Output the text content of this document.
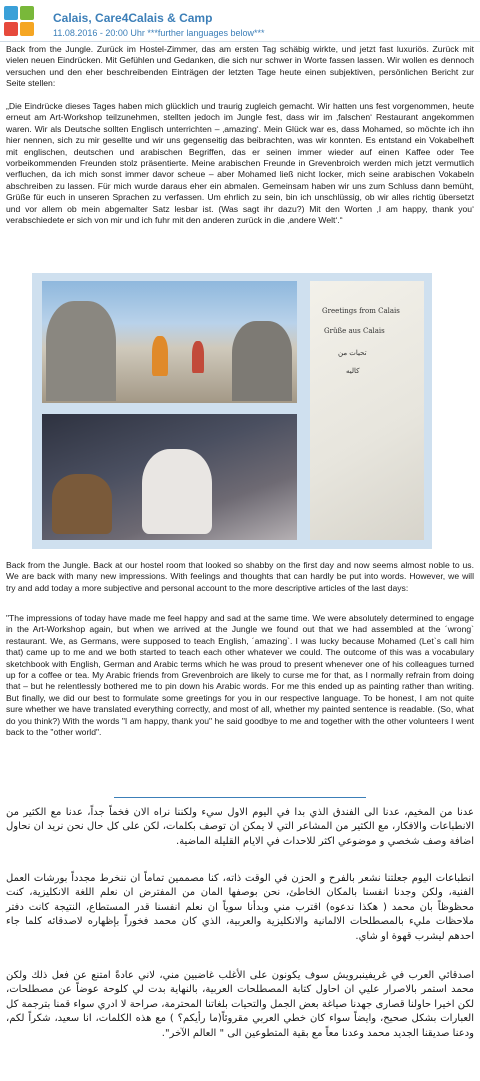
Calais, Care4Calais & Camp
11.08.2016 - 20:00 Uhr ***further languages below***

Back from the Jungle. Zurück im Hostel-Zimmer, das am ersten Tag schäbig wirkte, und jetzt fast luxuriös. Zurück mit vielen neuen Eindrücken. Mit Gefühlen und Gedanken, die sich nur schwer in Worte fassen lassen. Wir wollen es dennoch versuchen und den eher beschreibenden Einträgen der letzten Tage heute einen subjektiven, persönlichen Bericht zur Seite stellen:

„Die Eindrücke dieses Tages haben mich glücklich und traurig zugleich gemacht. Wir hatten uns fest vorgenommen, heute erneut am Art-Workshop teilzunehmen, stellten jedoch im Jungle fest, dass wir im ‚falschen‘ Restaurant angekommen waren. Wir als Deutsche sollten Englisch unterrichten – ‚amazing‘. Mein Glück war es, dass Mohamed, so möchte ich ihn hier nennen, sich zu mir gesellte und wir uns gegenseitig das beibrachten, was wir konnten. Es entstand ein Vokabelheft mit englischen, deutschen und arabischen Begriffen, das er seinen immer wieder auf einen Kaffee oder Tee vorbeikommenden Freunden stolz präsentierte. Meine arabischen Freunde in Grevenbroich werden mich jetzt vermutlich verfluchen, da ich mich sonst immer davor scheue – aber Mohamed ließ nicht locker, mich seine arabischen Vokabeln abschreiben zu lassen. Für mich wurde daraus eher ein abmalen. Gemeinsam haben wir uns zum Schluss dann bemüht, Grüße für euch in unseren Sprachen zu verfassen. Um ehrlich zu sein, bin ich unschlüssig, ob wir alles richtig übersetzt und vor allem ob mein abgemalter Satz lesbar ist. (Was sagt ihr dazu?) Mit den Worten ‚I am happy, thank you‘ verabschiedete er sich von mir und ich fuhr mit den anderen zurück in die ‚andere Welt‘.“

Greetings from Calais
Grüße aus Calais
تحيات من
كاليه

Back from the Jungle. Back at our hostel room that looked so shabby on the first day and now seems almost noble to us. We are back with many new impressions. With feelings and thoughts that can hardly be put into words. However, we will try and add today a more subjective and personal account to the more descriptive articles of the last days:

"The impressions of today have made me feel happy and sad at the same time. We were absolutely determined to engage in the Art-Workshop again, but when we arrived at the Jungle we found out that we had assembled at the ´wrong` restaurant. We, as Germans, were supposed to teach English, ´amazing`. I was lucky because Mohamed (Let`s call him that) came up to me and we both started to teach each other whatever we could. The outcome of this was a vocabulary sketchbook with English, German and Arabic terms which he was proud to present whenever one of his colleagues turned up for a coffee or tea. My Arabic friends from Grevenbroich are likely to curse me for that, as I normally refrain from doing that – but he relentlessly bothered me to pin down his Arabic words. For me this ended up as painting rather than writing. But finally, we did our best to formulate some greetings for you in our respective language. To be honest, I am not quite sure whether we have translated everything correctly, and most of all, whether my painted sentence is readable. (So, what do you think?) With the words "I am happy, thank you" he said goodbye to me and together with the other volunteers I went back to the "other world".

عدنا من المخيم، عدنا الى الفندق الذي بدا في اليوم الاول سيء ولكننا نراه الان فخماً جداً، عدنا مع الكثير من الانطباعات والافكار، مع الكثير من المشاعر التي لا يمكن ان توصف بكلمات، لكن على كل حال نحن نريد ان نحاول اضافة وصف شخصي و موضوعي اكثر للاحداث في الايام القليلة الماضية.

انطباعات اليوم جعلتنا نشعر بالفرح و الحزن في الوقت ذاته، كنا مصممين تماماً ان ننخرط مجدداً بورشات العمل الفنية، ولكن وجدنا انفسنا بالمكان الخاطئ، نحن بوصفها المان من المفترض ان نعلم اللغة الانكليزية، كنت محظوظاً بان محمد ( هكذا ندعوه) اقترب مني وبدأنا سوياً ان نعلم انفسنا قدر المستطاع، النتيجة كانت دفتر ملاحظات مليء بالمصطلحات الالمانية والانكليزية والعربية، الذي كان محمد فخوراً بإظهاره لاصدقائه كلما جاء احدهم ليشرب قهوة او شاي.

اصدقائي العرب في غريفينبرويش سوف يكونون على الأغلب غاضبين مني، لاني عادةً امتنع عن فعل ذلك ولكن محمد استمر بالاصرار عليي ان احاول كتابة المصطلحات العربية، بالنهاية بدت لي كلوحة عوضاً عن مصطلحات، لكن اخيرا حاولنا قصارى جهدنا صياغة بعض الجمل والتحيات بلغاتنا المحترمة، صراحة لا ادري سواء قمنا بترجمة كل العبارات بشكل صحيح، وايضاً سواء كان خطي العربي مقروئاً(ما رأيكم؟ ) مع هذه الكلمات، انا سعيد، شكراً لكم، ودعنا صديقنا الجديد محمد وعدنا معاً مع بقية المتطوعين الى " العالم الآخر".
